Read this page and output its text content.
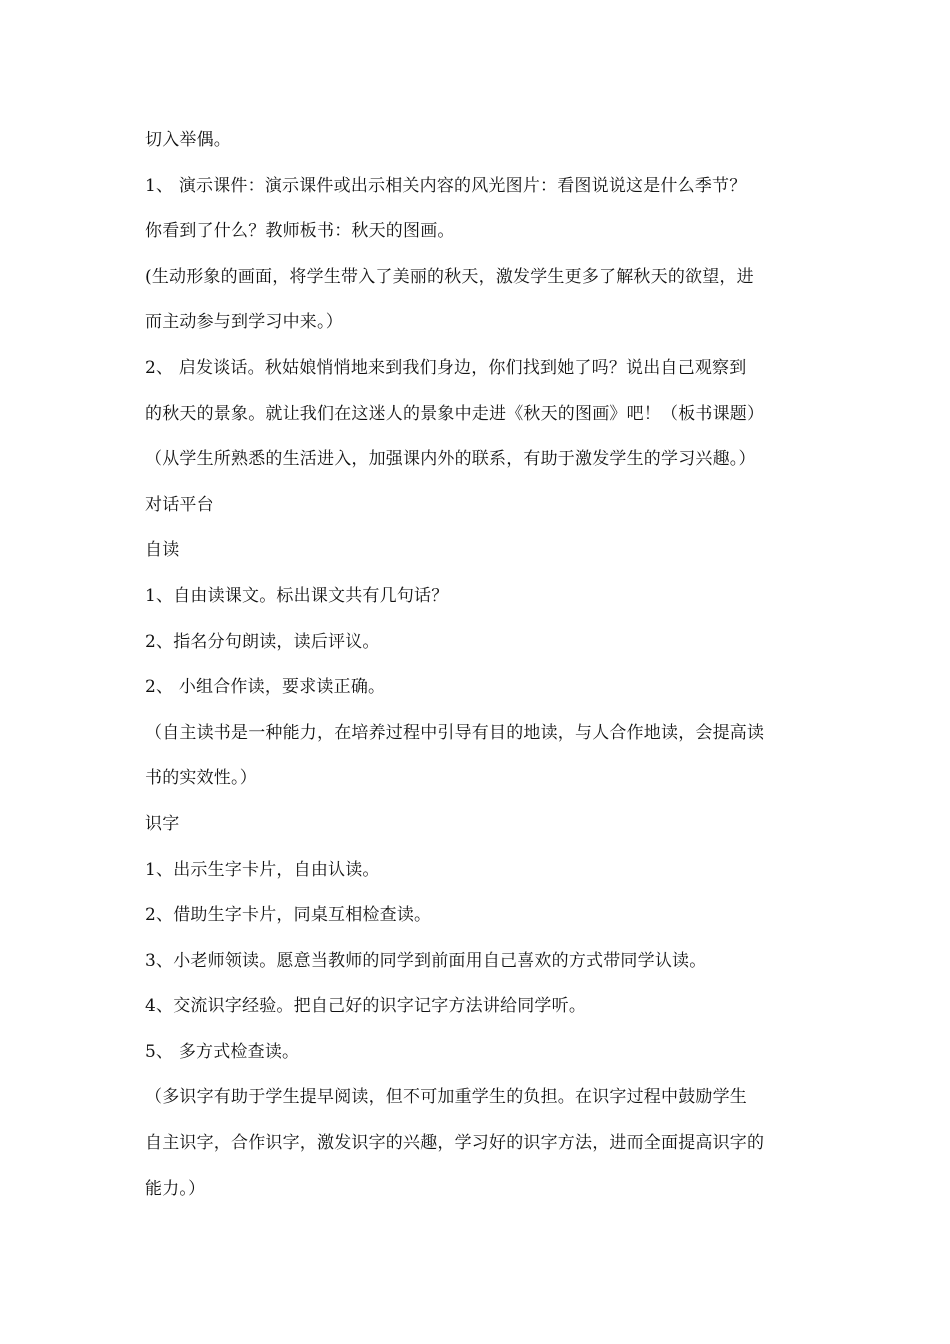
切入举偶。
1、 演示课件：演示课件或出示相关内容的风光图片：看图说说这是什么季节？
你看到了什么？教师板书：秋天的图画。
(生动形象的画面，将学生带入了美丽的秋天，激发学生更多了解秋天的欲望，进
而主动参与到学习中来。）
2、 启发谈话。秋姑娘悄悄地来到我们身边，你们找到她了吗？说出自己观察到
的秋天的景象。就让我们在这迷人的景象中走进《秋天的图画》吧！（板书课题）
（从学生所熟悉的生活进入，加强课内外的联系，有助于激发学生的学习兴趣。）
对话平台
自读
1、自由读课文。标出课文共有几句话？
2、指名分句朗读，读后评议。
2、 小组合作读，要求读正确。
（自主读书是一种能力，在培养过程中引导有目的地读，与人合作地读，会提高读
书的实效性。）
识字
1、出示生字卡片，自由认读。
2、借助生字卡片，同桌互相检查读。
3、小老师领读。愿意当教师的同学到前面用自己喜欢的方式带同学认读。
4、交流识字经验。把自己好的识字记字方法讲给同学听。
5、 多方式检查读。
（多识字有助于学生提早阅读，但不可加重学生的负担。在识字过程中鼓励学生
自主识字，合作识字，激发识字的兴趣，学习好的识字方法，进而全面提高识字的
能力。）
